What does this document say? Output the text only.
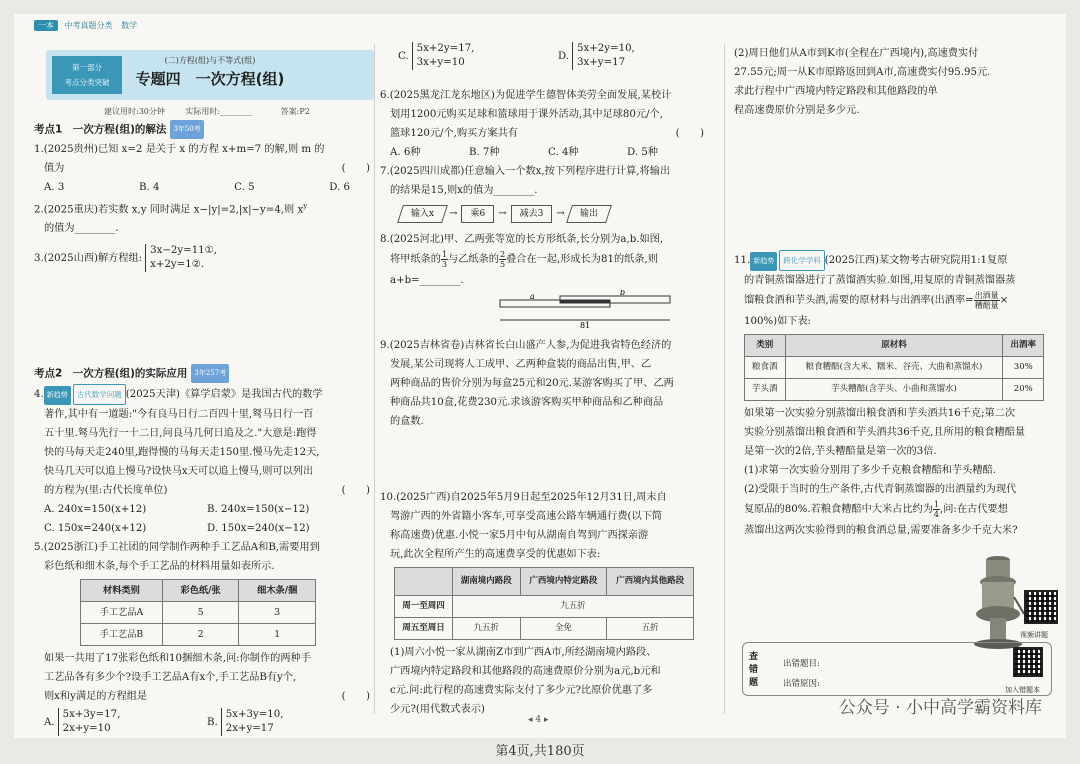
一本 中考真题分类 数学
第一部分
考点分类突破
(二)方程(组)与不等式(组)
专题四　一次方程(组)
建议用时:30分钟	实际用时:________	答案:P2
考点1　一次方程(组)的解法 3年50考
1.(2025贵州)已知 x=2 是关于 x 的方程 x+m=7 的解,则 m 的
值为	(　　)
A. 3	B. 4	C. 5	D. 6
2.(2025重庆)若实数 x,y 同时满足 x−|y|=2,|x|−y=4,则 $x^y$
的值为________.
3.(2025山西)解方程组:
3x−2y=11①,
x+2y=1②.
考点2　一次方程(组)的实际应用 3年257考
4. 新趋势 古代数学问题 (2025天津)《算学启蒙》是我国古代的数学
著作,其中有一道题:"今有良马日行二百四十里,驽马日行一百
五十里.驽马先行一十二日,问良马几何日追及之."大意是:跑得
快的马每天走240里,跑得慢的马每天走150里.慢马先走12天,
快马几天可以追上慢马?设快马x天可以追上慢马,则可以列出
的方程为(里:古代长度单位)	(　　)
A. 240x=150(x+12)	B. 240x=150(x−12)
C. 150x=240(x+12)	D. 150x=240(x−12)
5.(2025浙江)手工社团的同学制作两种手工艺品A和B,需要用到
彩色纸和细木条,每个手工艺品的材料用量如表所示.
材料类别	彩色纸/张	细木条/捆
手工艺品A	5	3
手工艺品B	2	1
如果一共用了17张彩色纸和10捆细木条,问:你制作的两种手
工艺品各有多少个?设手工艺品A有x个,手工艺品B有y个,
则x和y满足的方程组是	(　　)
A.
5x+3y=17,
2x+y=10
B.
5x+3y=10,
2x+y=17
C.
5x+2y=17,
3x+y=10
D.
5x+2y=10,
3x+y=17
6.(2025黑龙江龙东地区)为促进学生德智体美劳全面发展,某校计
划用1200元购买足球和篮球用于课外活动,其中足球80元/个,
篮球120元/个,购买方案共有	(　　)
A. 6种	B. 7种	C. 4种	D. 5种
7.(2025四川成都)任意输入一个数x,按下列程序进行计算,将输出
的结果是15,则x的值为________.
输入x	→	乘6	→	减去3	→	输出
8.(2025河北)甲、乙两张等宽的长方形纸条,长分别为a,b.如图,
将甲纸条的 $\frac{1}{3}$ 与乙纸条的 $\frac{2}{5}$ 叠合在一起,形成长为81的纸条,则
a+b=________.
81
a	b
9.(2025吉林省卷)吉林省长白山盛产人参,为促进我省特色经济的
发展,某公司现将人工成甲、乙两种盒装的商品出售,甲、乙
两种商品的售价分别为每盒25元和20元.某游客购买了甲、乙两
种商品共10盒,花费230元.求该游客购买甲种商品和乙种商品
的盒数.
10.(2025广西)自2025年5月9日起至2025年12月31日,周末自
驾游广西的外省籍小客车,可享受高速公路车辆通行费(以下简
称高速费)优惠.小悦一家5月中旬从湖南自驾到广西探亲游
玩,此次全程所产生的高速费享受的优惠如下表:
	湖南境内路段	广西境内特定路段	广西境内其他路段
周一至周四	九五折		
周五至周日	九五折	全免	五折
(1)周六小悦一家从湖南Z市到广西A市,所经湖南境内路段、
广西境内特定路段和其他路段的高速费原价分别为a元,b元和
c元.问:此行程的高速费实际支付了多少元?比原价优惠了多
少元?(用代数式表示)
(2)周日他们从A市到K市(全程在广西境内),高速费实付
27.55元;周一从K市原路返回到A市,高速费实付95.95元.
求此行程中广西境内特定路段和其他路段的单
程高速费原价分别是多少元.
11. 新趋势 跨化学学科 (2025江西)某文物考古研究院用1:1复原
的青铜蒸馏器进行了蒸馏酒实验.如图,用复原的青铜蒸馏器蒸
馏粮食酒和芋头酒,需要的原材料与出酒率(出酒率= $\frac{\text{出酒量}}{\text{糟醅量}}$ ×
100%)如下表:
类别	原材料	出酒率
粮食酒	粮食糟醅(含大米、糯米、谷壳、大曲和蒸馏水)	30%
芋头酒	芋头糟醅(含芋头、小曲和蒸馏水)	20%
如果第一次实验分别蒸馏出粮食酒和芋头酒共16千克;第二次
实验分别蒸馏出粮食酒和芋头酒共36千克,且所用的粮食糟醅量
是第一次的2倍,芋头糟醅量是第一次的3倍.
(1)求第一次实验分别用了多少千克粮食糟醅和芋头糟醅.
(2)受限于当时的生产条件,古代青铜蒸馏器的出酒量约为现代
复原品的80%.若粮食糟醅中大米占比约为 $\frac{1}{4}$ ,问:在古代要想
蒸馏出这两次实验得到的粮食酒总量,需要准备多少千克大米?
视频讲题
查错题
出错题目:
出错原因:
加入错题本
◂ 4 ▸
公众号 · 小中高学霸资料库
第4页,共180页
